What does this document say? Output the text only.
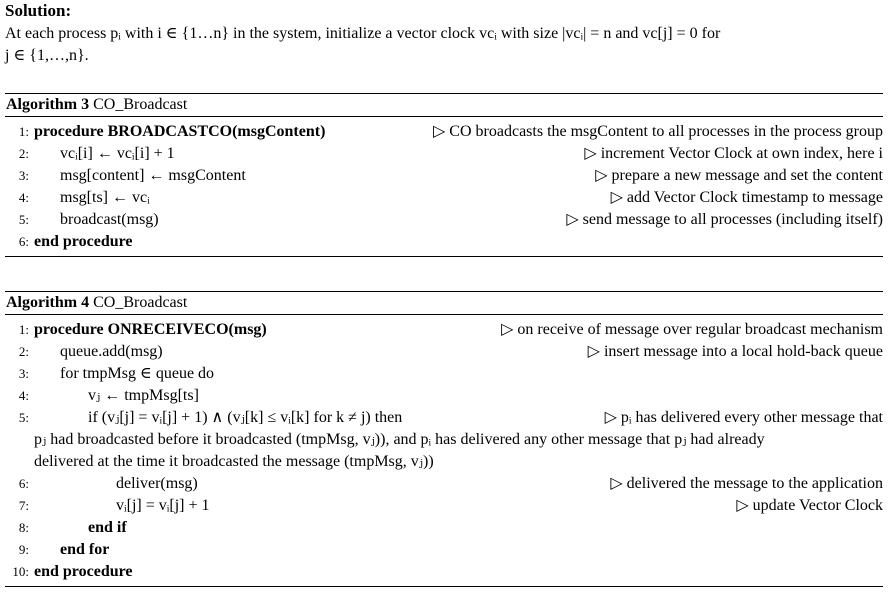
Solution:
At each process pᵢ with i ∈ {1…n} in the system, initialize a vector clock vcᵢ with size |vcᵢ| = n and vc[j] = 0 for
j ∈ {1,…,n}.
Algorithm 3 CO_Broadcast
1: procedure BROADCASTCO(msgContent)	▷ CO broadcasts the msgContent to all processes in the process group
2:	vcᵢ[i] ← vcᵢ[i] + 1	▷ increment Vector Clock at own index, here i
3:	msg[content] ← msgContent	▷ prepare a new message and set the content
4:	msg[ts] ← vcᵢ	▷ add Vector Clock timestamp to message
5:	broadcast(msg)	▷ send message to all processes (including itself)
6: end procedure
Algorithm 4 CO_Broadcast
1: procedure ONRECEIVECO(msg)	▷ on receive of message over regular broadcast mechanism
2:	queue.add(msg)	▷ insert message into a local hold-back queue
3:	for tmpMsg ∈ queue do
4:	vⱼ ← tmpMsg[ts]
5:	if (vⱼ[j] = vᵢ[j] + 1) ∧ (vⱼ[k] ≤ vᵢ[k] for k ≠ j) then	▷ pᵢ has delivered every other message that
pⱼ had broadcasted before it broadcasted (tmpMsg, vⱼ)), and pᵢ has delivered any other message that pⱼ had already
delivered at the time it broadcasted the message (tmpMsg, vⱼ))
6:	deliver(msg)	▷ delivered the message to the application
7:	vᵢ[j] = vᵢ[j] + 1	▷ update Vector Clock
8:	end if
9:	end for
10: end procedure
